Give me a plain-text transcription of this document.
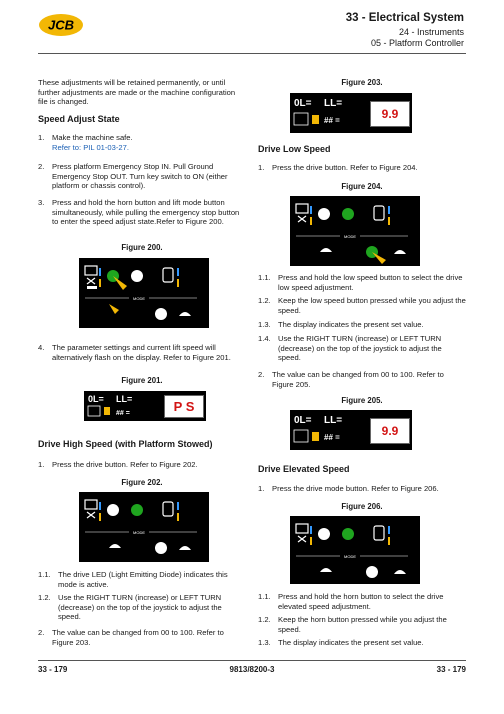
JCB	33 - Electrical System
24 - Instruments
05 - Platform Controller
These adjustments will be retained permanently, or until further adjustments are made or the machine configuration file is changed.
Speed Adjust State
1.	Make the machine safe.
Refer to: PIL 01-03-27.
2.	Press platform Emergency Stop IN. Pull Ground Emergency Stop OUT. Turn key switch to ON (either platform or chassis control).
3.	Press and hold the horn button and lift mode button simultaneously, while pulling the emergency stop button to enter the speed adjust state.Refer to Figure 200.
Figure 200.
MODE
4.	The parameter settings and current lift speed will alternatively flash on the display. Refer to Figure 201.
Figure 201.
0L= LL=
## =	P S
Drive High Speed (with Platform Stowed)
1.	Press the drive button. Refer to Figure 202.
Figure 202.
MODE
1.1. The drive LED (Light Emitting Diode) indicates this mode is active.
1.2. Use the RIGHT TURN (increase) or LEFT TURN (decrease) on the top of the joystick to adjust the speed.
2.	The value can be changed from 00 to 100. Refer to Figure 203.
Figure 203.
0L= LL=
## =	9.9
Drive Low Speed
1.	Press the drive button. Refer to Figure 204.
Figure 204.
MODE
1.1. Press and hold the low speed button to select the drive low speed adjustment.
1.2. Keep the low speed button pressed while you adjust the speed.
1.3. The display indicates the present set value.
1.4. Use the RIGHT TURN (increase) or LEFT TURN (decrease) on the top of the joystick to adjust the speed.
2.	The value can be changed from 00 to 100. Refer to Figure 205.
Figure 205.
0L= LL=
## =	9.9
Drive Elevated Speed
1.	Press the drive mode button. Refer to Figure 206.
Figure 206.
MODE
1.1. Press and hold the horn button to select the drive elevated speed adjustment.
1.2. Keep the horn button pressed while you adjust the speed.
1.3. The display indicates the present set value.
33 - 179	9813/8200-3	33 - 179
